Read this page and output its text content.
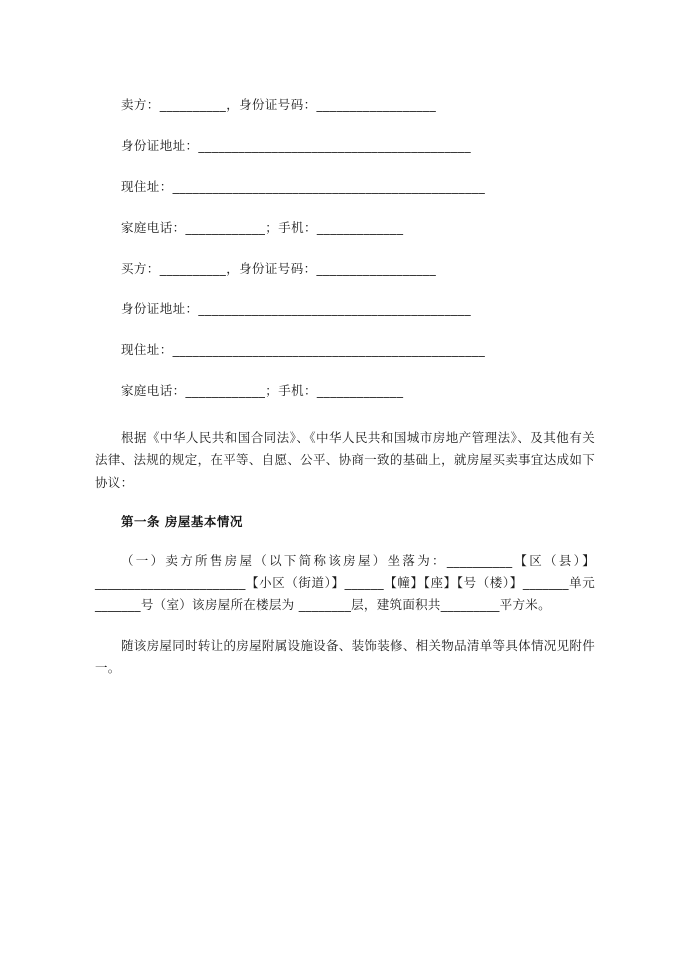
卖方：__________，身份证号码：__________________

身份证地址：_________________________________________

现住址：_______________________________________________

家庭电话：____________；手机：_____________

买方：__________，身份证号码：__________________

身份证地址：_________________________________________

现住址：_______________________________________________

家庭电话：____________；手机：_____________

根据《中华人民共和国合同法》、《中华人民共和国城市房地产管理法》、及其他有关法律、法规的规定，在平等、自愿、公平、协商一致的基础上，就房屋买卖事宜达成如下协议：

第一条 房屋基本情况

（一）卖方所售房屋（以下简称该房屋）坐落为：__________【区（县）】_______________________【小区（街道）】______【幢】【座】【号（楼）】_______单元_______号（室）该房屋所在楼层为 ________层，建筑面积共_________平方米。

随该房屋同时转让的房屋附属设施设备、装饰装修、相关物品清单等具体情况见附件一。
